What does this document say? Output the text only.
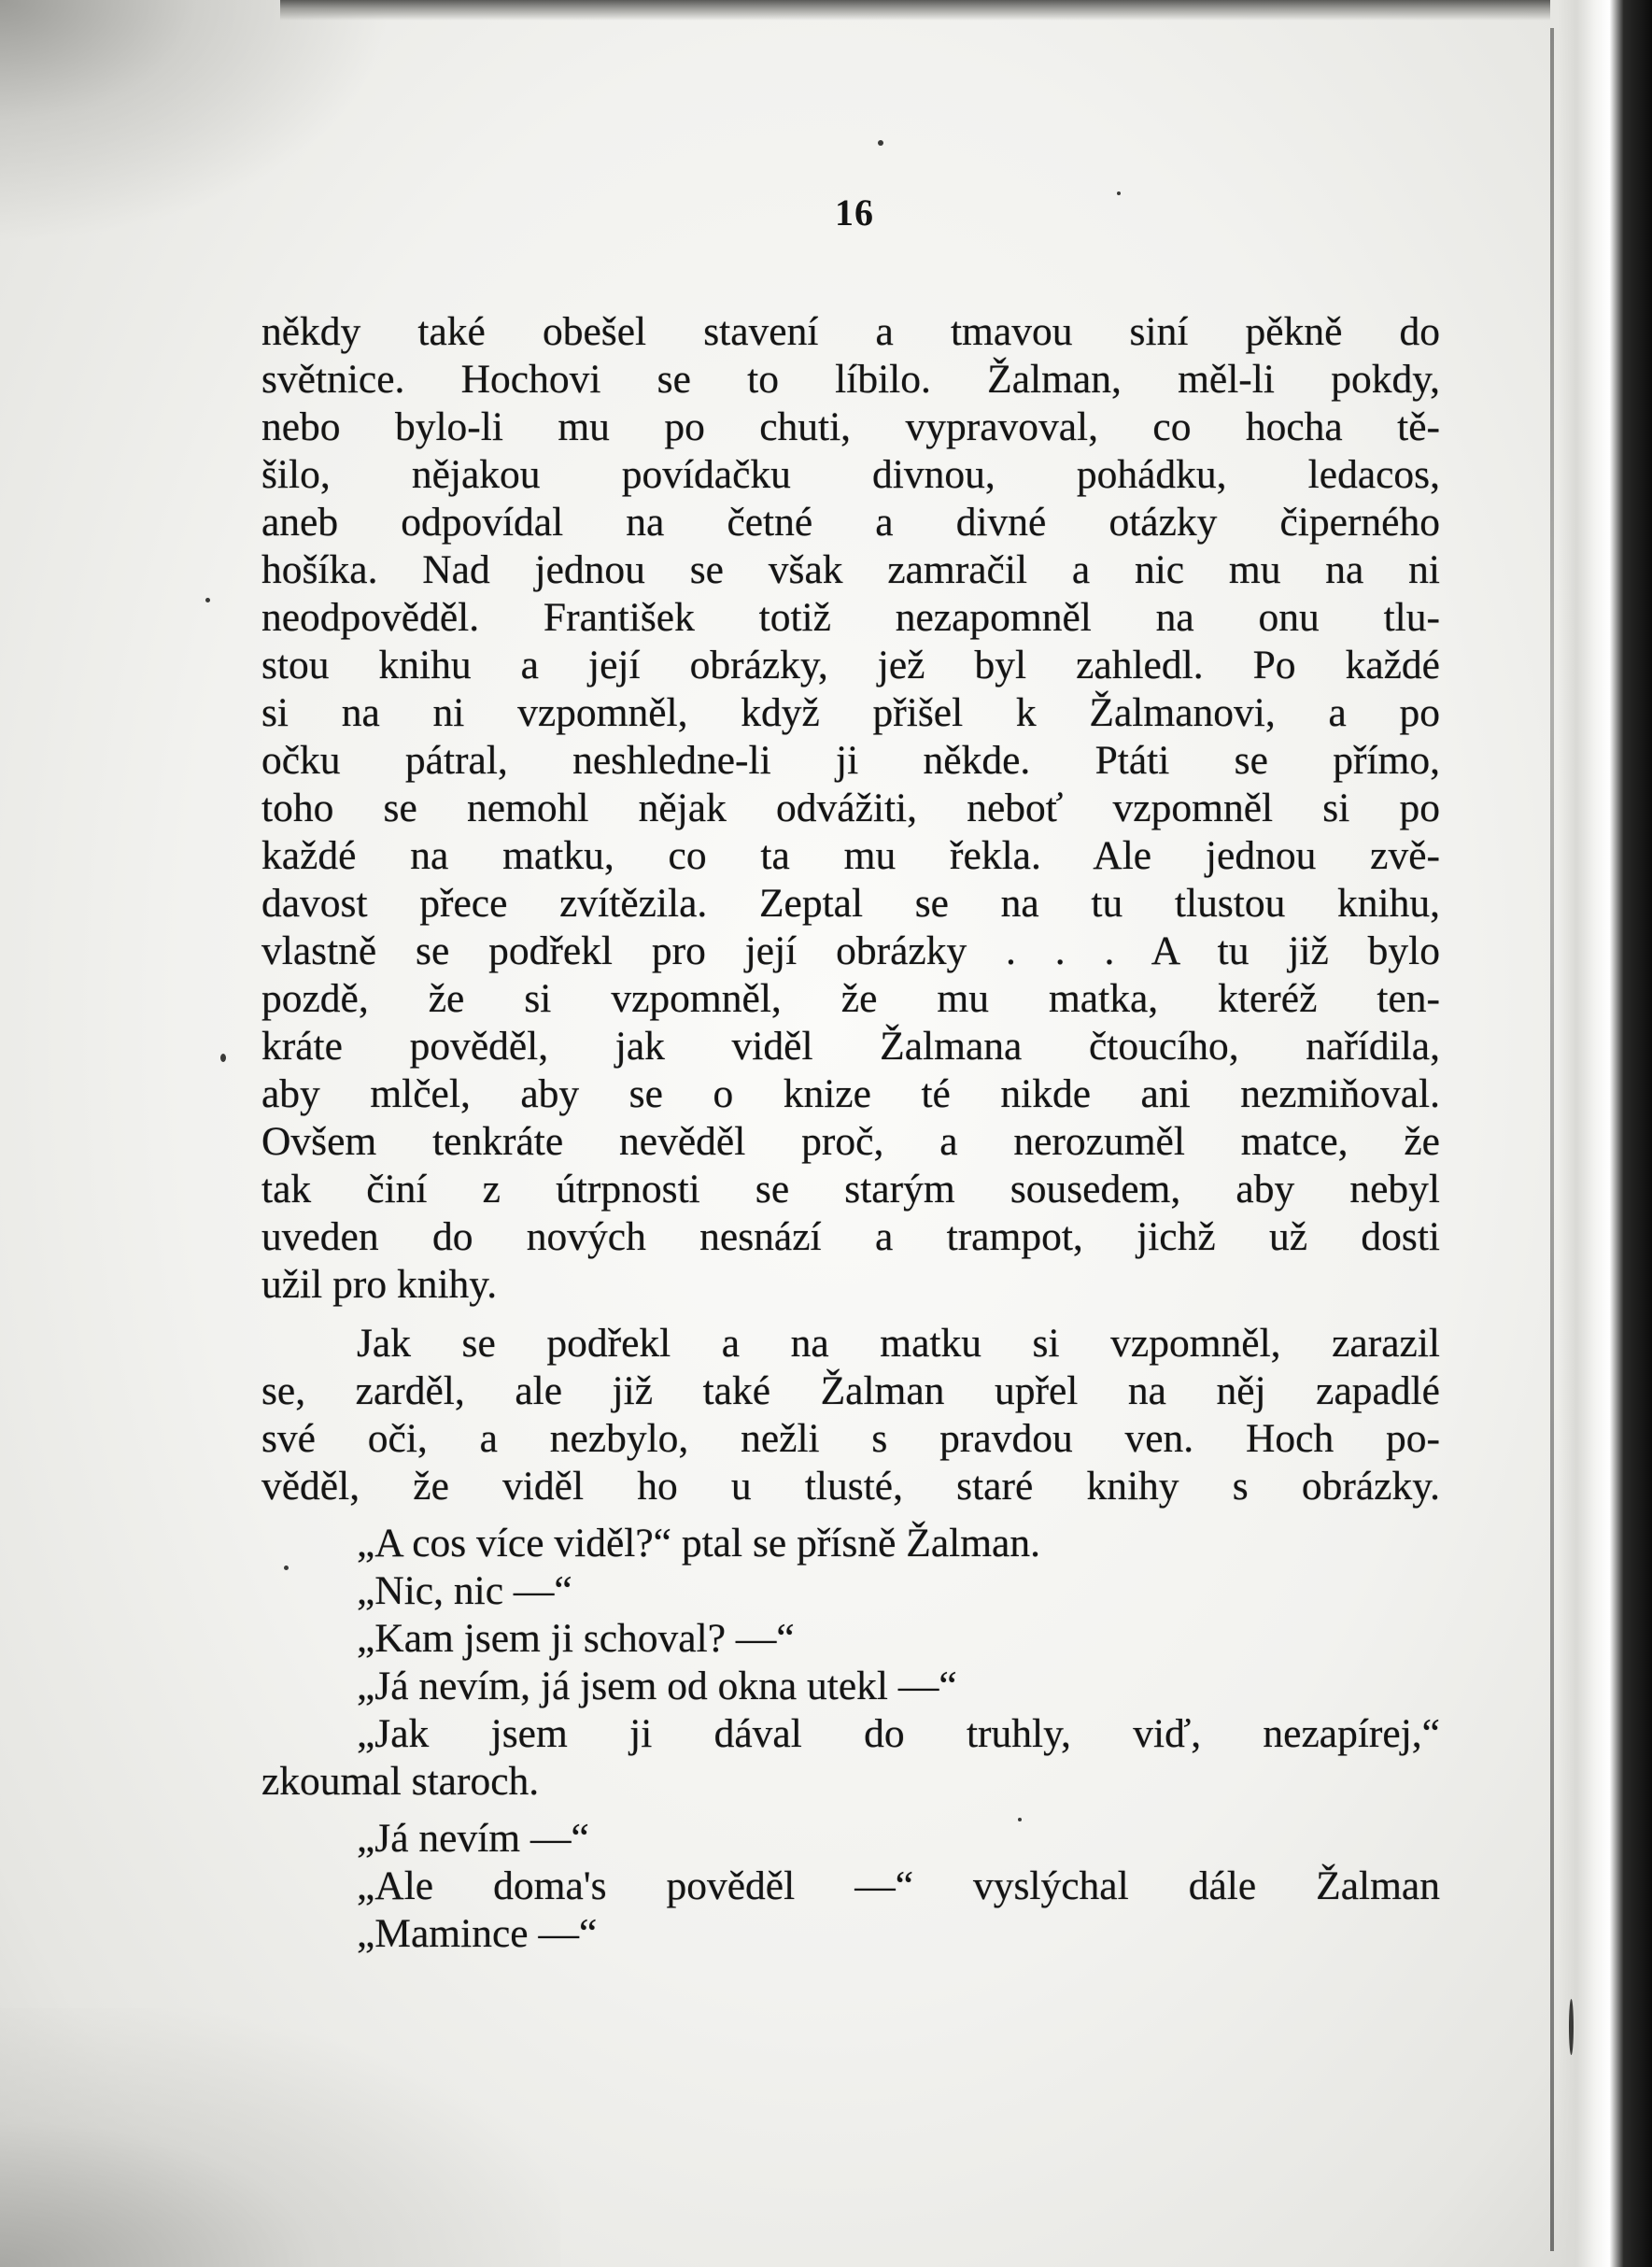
16
někdy také obešel stavení a tmavou siní pěkně do
světnice. Hochovi se to líbilo. Žalman, měl-li pokdy,
nebo bylo-li mu po chuti, vypravoval, co hocha tě-
šilo, nějakou povídačku divnou, pohádku, ledacos,
aneb odpovídal na četné a divné otázky čiperného
hošíka. Nad jednou se však zamračil a nic mu na ni
neodpověděl. František totiž nezapomněl na onu tlu-
stou knihu a její obrázky, jež byl zahledl. Po každé
si na ni vzpomněl, když přišel k Žalmanovi, a po
očku pátral, neshledne-li ji někde. Ptáti se přímo,
toho se nemohl nějak odvážiti, neboť vzpomněl si po
každé na matku, co ta mu řekla. Ale jednou zvě-
davost přece zvítězila. Zeptal se na tu tlustou knihu,
vlastně se podřekl pro její obrázky . . . A tu již bylo
pozdě, že si vzpomněl, že mu matka, kteréž ten-
kráte pověděl, jak viděl Žalmana čtoucího, nařídila,
aby mlčel, aby se o knize té nikde ani nezmiňoval.
Ovšem tenkráte nevěděl proč, a nerozuměl matce, že
tak činí z útrpnosti se starým sousedem, aby nebyl
uveden do nových nesnází a trampot, jichž už dosti
užil pro knihy.
Jak se podřekl a na matku si vzpomněl, zarazil
se, zarděl, ale již také Žalman upřel na něj zapadlé
své oči, a nezbylo, nežli s pravdou ven. Hoch po-
věděl, že viděl ho u tlusté, staré knihy s obrázky.
„A cos více viděl?“ ptal se přísně Žalman.
„Nic, nic —“
„Kam jsem ji schoval? —“
„Já nevím, já jsem od okna utekl —“
„Jak jsem ji dával do truhly, viď, nezapírej,“
zkoumal staroch.
„Já nevím —“
„Ale doma's pověděl —“ vyslýchal dále Žalman
„Mamince —“
